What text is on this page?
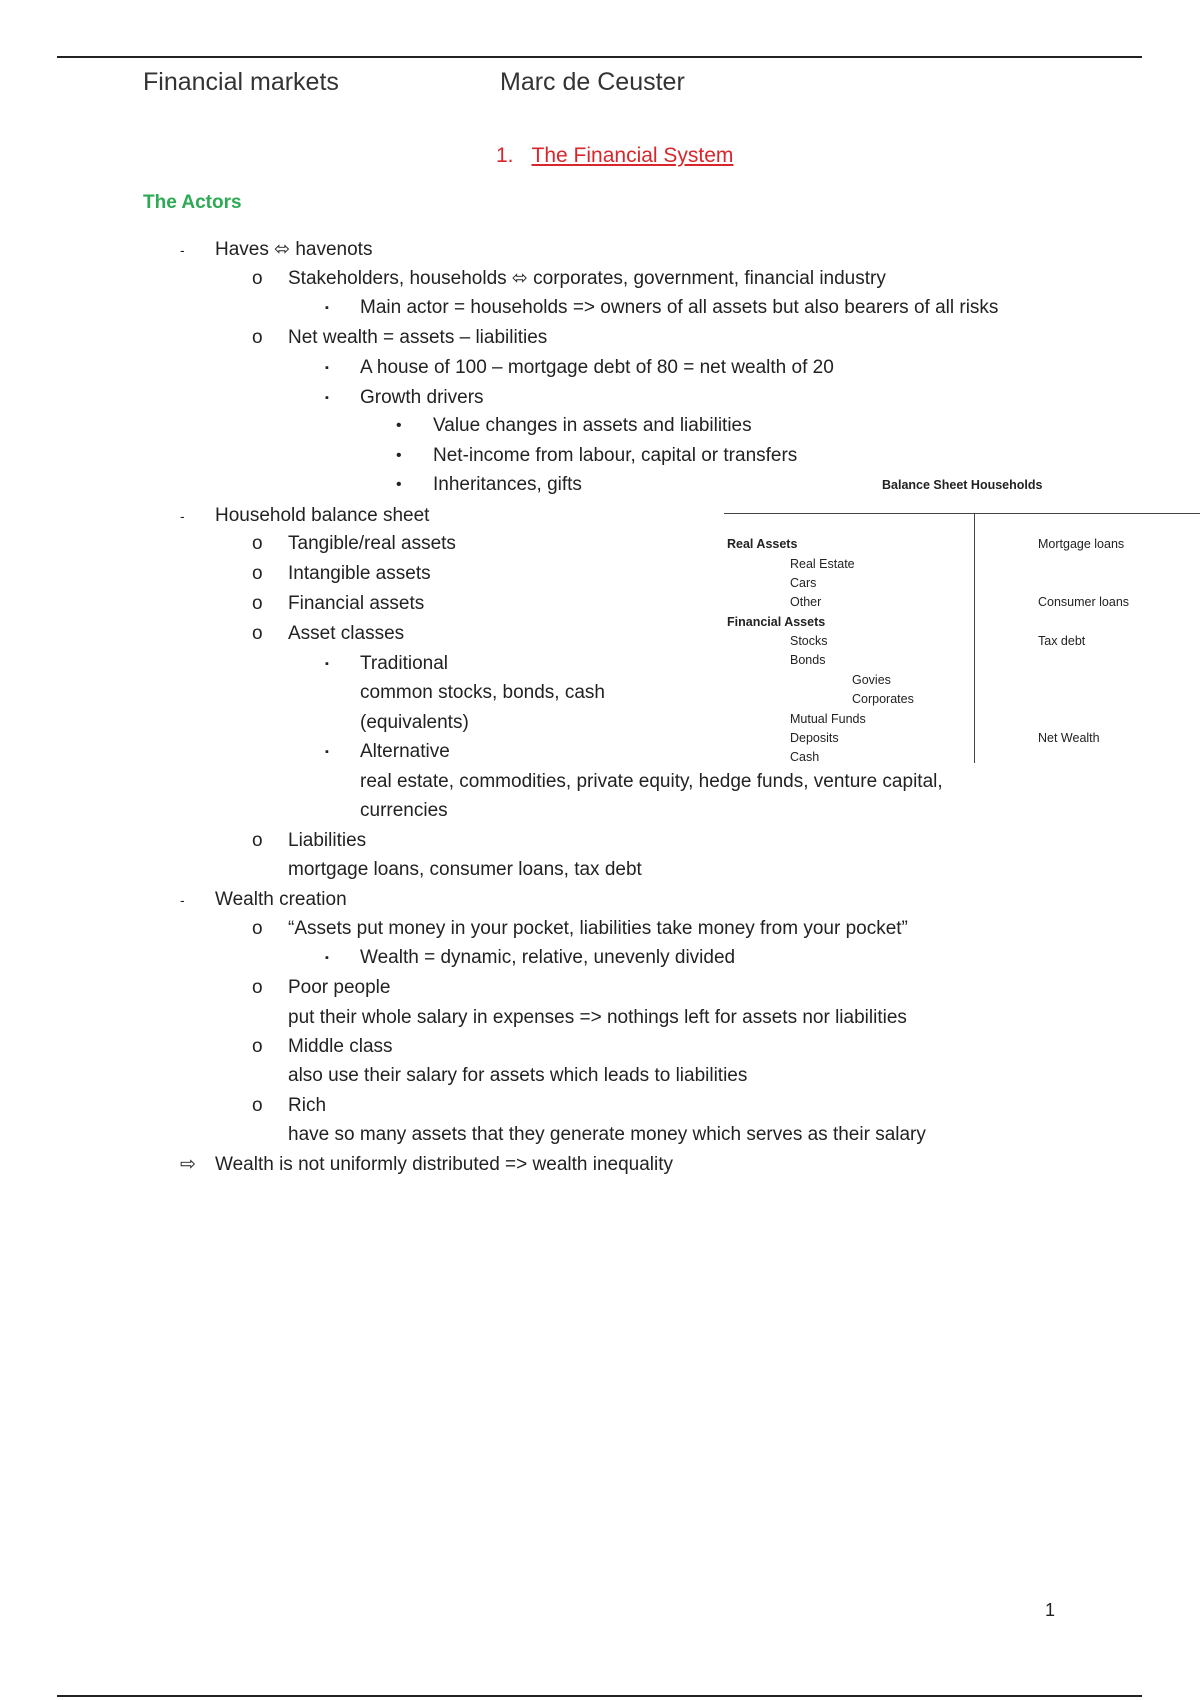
Financial markets	Marc de Ceuster
1. The Financial System
The Actors
- Haves ⬄ havenots
o Stakeholders, households ⬄ corporates, government, financial industry
▪ Main actor = households => owners of all assets but also bearers of all risks
o Net wealth = assets – liabilities
▪ A house of 100 – mortgage debt of 80 = net wealth of 20
▪ Growth drivers
• Value changes in assets and liabilities
• Net-income from labour, capital or transfers
• Inheritances, gifts
- Household balance sheet
o Tangible/real assets
o Intangible assets
o Financial assets
o Asset classes
▪ Traditional
common stocks, bonds, cash
(equivalents)
▪ Alternative
real estate, commodities, private equity, hedge funds, venture capital,
currencies
o Liabilities
mortgage loans, consumer loans, tax debt
- Wealth creation
o “Assets put money in your pocket, liabilities take money from your pocket”
▪ Wealth = dynamic, relative, unevenly divided
o Poor people
put their whole salary in expenses => nothings left for assets nor liabilities
o Middle class
also use their salary for assets which leads to liabilities
o Rich
have so many assets that they generate money which serves as their salary
⇨ Wealth is not uniformly distributed => wealth inequality
Balance Sheet Households
Real Assets
Real Estate
Cars
Other
Financial Assets
Stocks
Bonds
Govies
Corporates
Mutual Funds
Deposits
Cash
Mortgage loans
Consumer loans
Tax debt
Net Wealth
1
